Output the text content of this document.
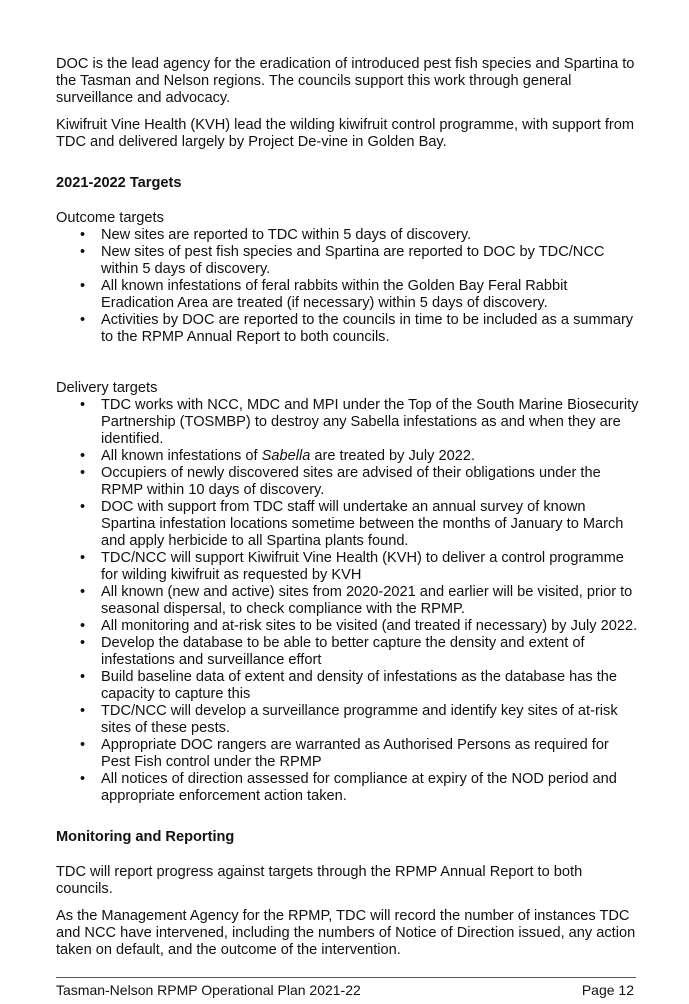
DOC is the lead agency for the eradication of introduced pest fish species and Spartina to the Tasman and Nelson regions. The councils support this work through general surveillance and advocacy.

Kiwifruit Vine Health (KVH) lead the wilding kiwifruit control programme, with support from TDC and delivered largely by Project De-vine in Golden Bay.

2021-2022 Targets

Outcome targets

• New sites are reported to TDC within 5 days of discovery.
• New sites of pest fish species and Spartina are reported to DOC by TDC/NCC within 5 days of discovery.
• All known infestations of feral rabbits within the Golden Bay Feral Rabbit Eradication Area are treated (if necessary) within 5 days of discovery.
• Activities by DOC are reported to the councils in time to be included as a summary to the RPMP Annual Report to both councils.

Delivery targets

• TDC works with NCC, MDC and MPI under the Top of the South Marine Biosecurity Partnership (TOSMBP) to destroy any Sabella infestations as and when they are identified.
• All known infestations of Sabella are treated by July 2022.
• Occupiers of newly discovered sites are advised of their obligations under the RPMP within 10 days of discovery.
• DOC with support from TDC staff will undertake an annual survey of known Spartina infestation locations sometime between the months of January to March and apply herbicide to all Spartina plants found.
• TDC/NCC will support Kiwifruit Vine Health (KVH) to deliver a control programme for wilding kiwifruit as requested by KVH
• All known (new and active) sites from 2020-2021 and earlier will be visited, prior to seasonal dispersal, to check compliance with the RPMP.
• All monitoring and at-risk sites to be visited (and treated if necessary) by July 2022.
• Develop the database to be able to better capture the density and extent of infestations and surveillance effort
• Build baseline data of extent and density of infestations as the database has the capacity to capture this
• TDC/NCC will develop a surveillance programme and identify key sites of at-risk sites of these pests.
• Appropriate DOC rangers are warranted as Authorised Persons as required for Pest Fish control under the RPMP
• All notices of direction assessed for compliance at expiry of the NOD period and appropriate enforcement action taken.

Monitoring and Reporting

TDC will report progress against targets through the RPMP Annual Report to both councils.

As the Management Agency for the RPMP, TDC will record the number of instances TDC and NCC have intervened, including the numbers of Notice of Direction issued, any action taken on default, and the outcome of the intervention.

Tasman-Nelson RPMP Operational Plan 2021-22	Page 12
